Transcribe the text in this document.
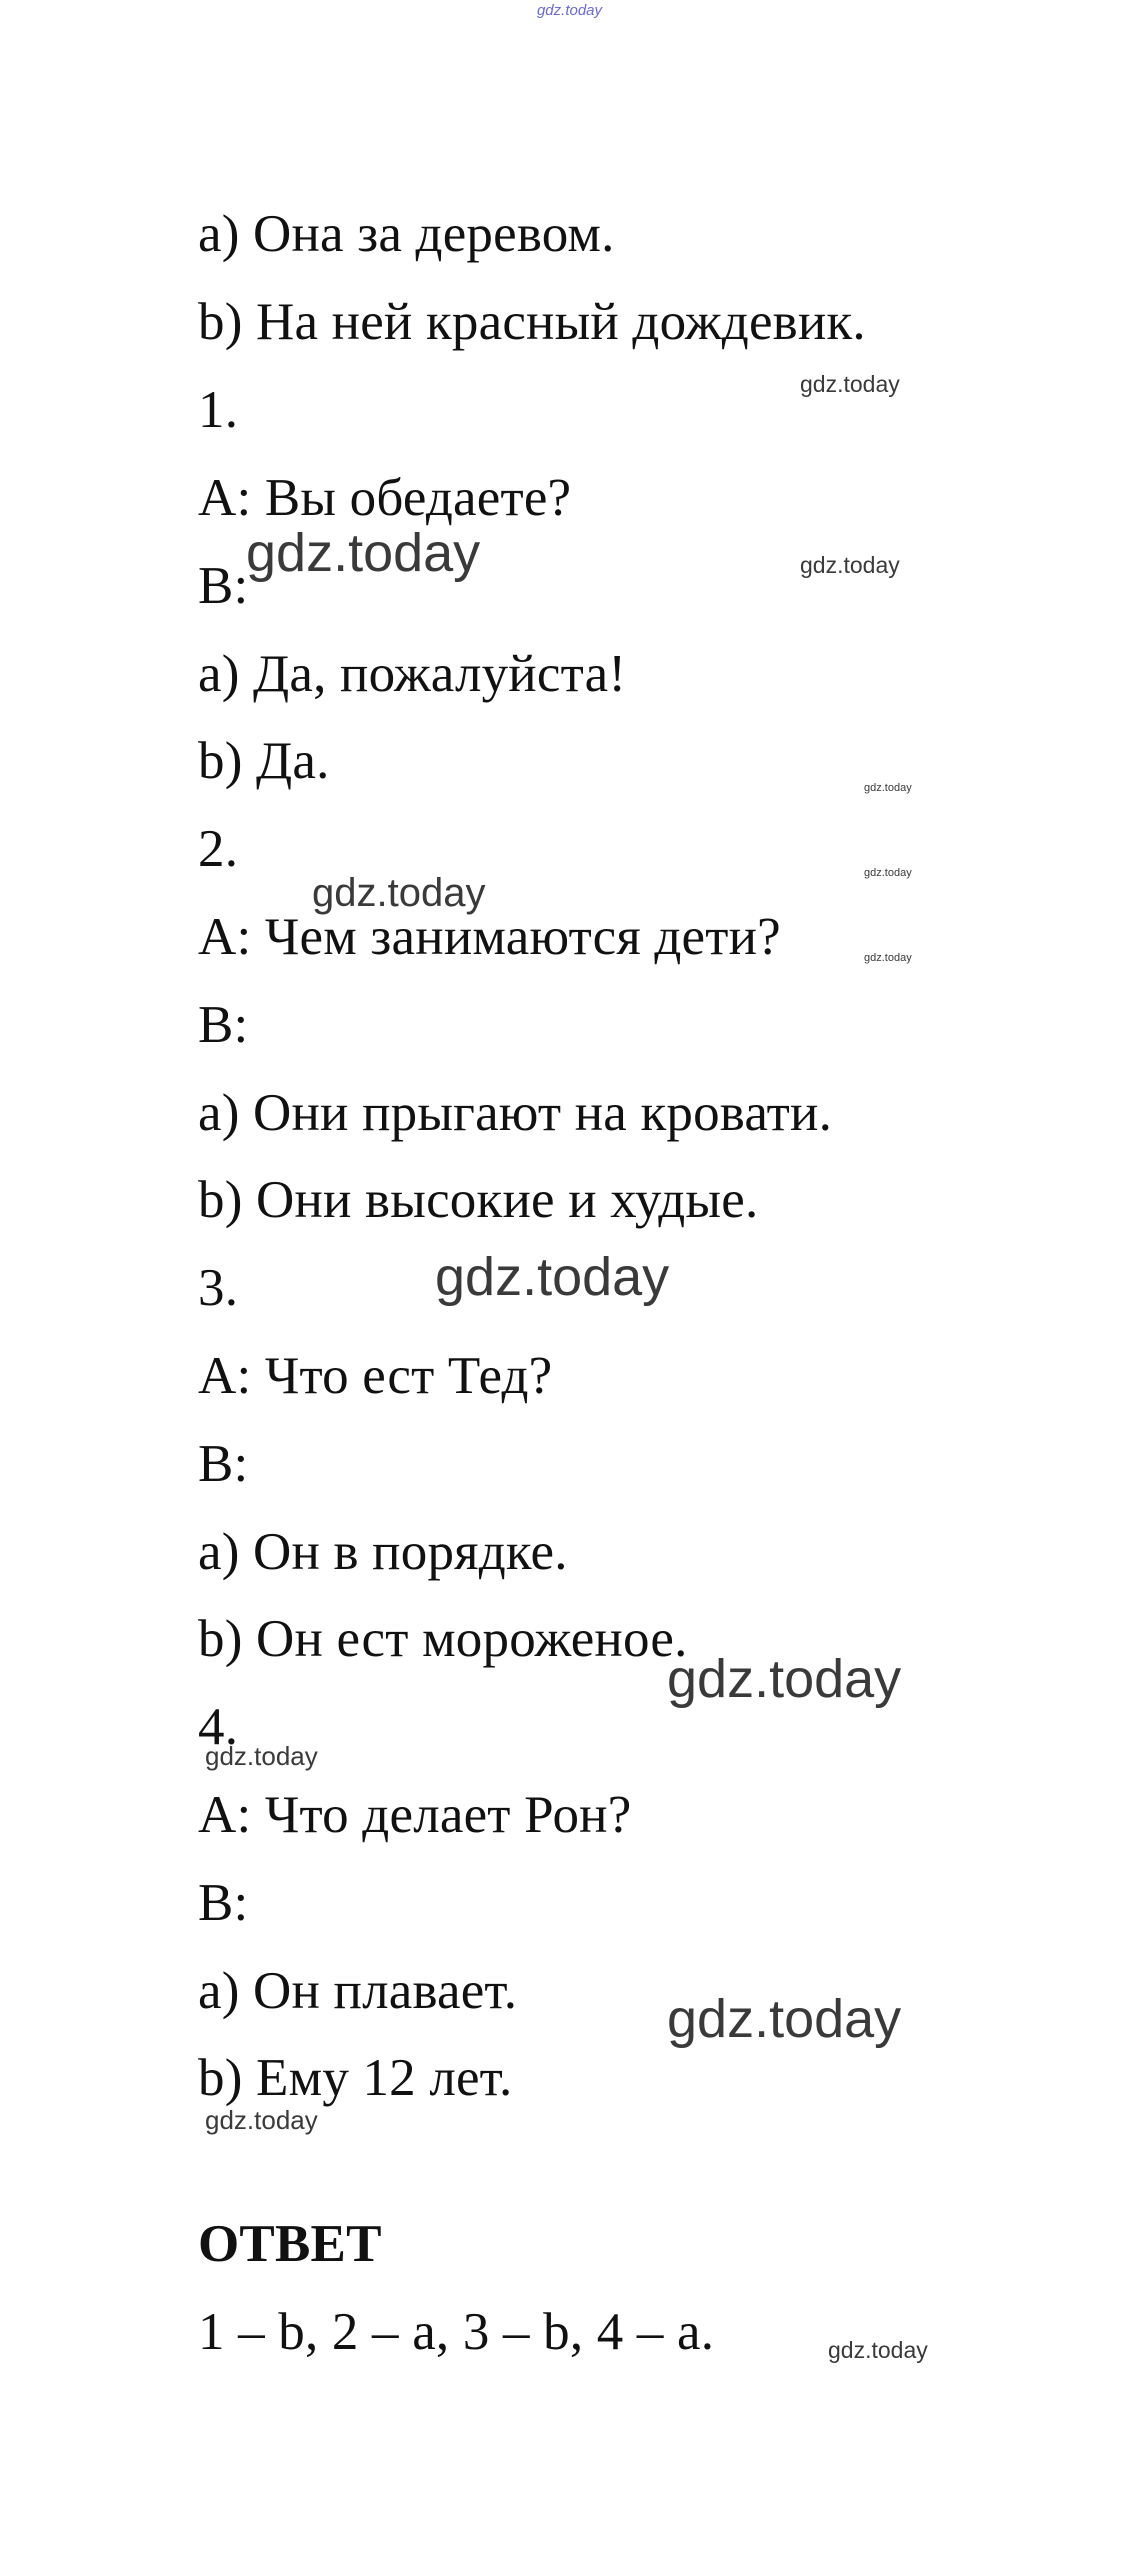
gdz.today
a) Она за деревом.
b) На ней красный дождевик.
1.
A: Вы обедаете?
B:
a) Да, пожалуйста!
b) Да.
2.
A: Чем занимаются дети?
B:
a) Они прыгают на кровати.
b) Они высокие и худые.
3.
A: Что ест Тед?
B:
a) Он в порядке.
b) Он ест мороженое.
4.
A: Что делает Рон?
B:
a) Он плавает.
b) Ему 12 лет.
ОТВЕТ
1 – b, 2 – a, 3 – b, 4 – a.
gdz.today
gdz.today	gdz.today
gdz.today
gdz.today
gdz.today
gdz.today
gdz.today
gdz.today
gdz.today
gdz.today
gdz.today
gdz.today
